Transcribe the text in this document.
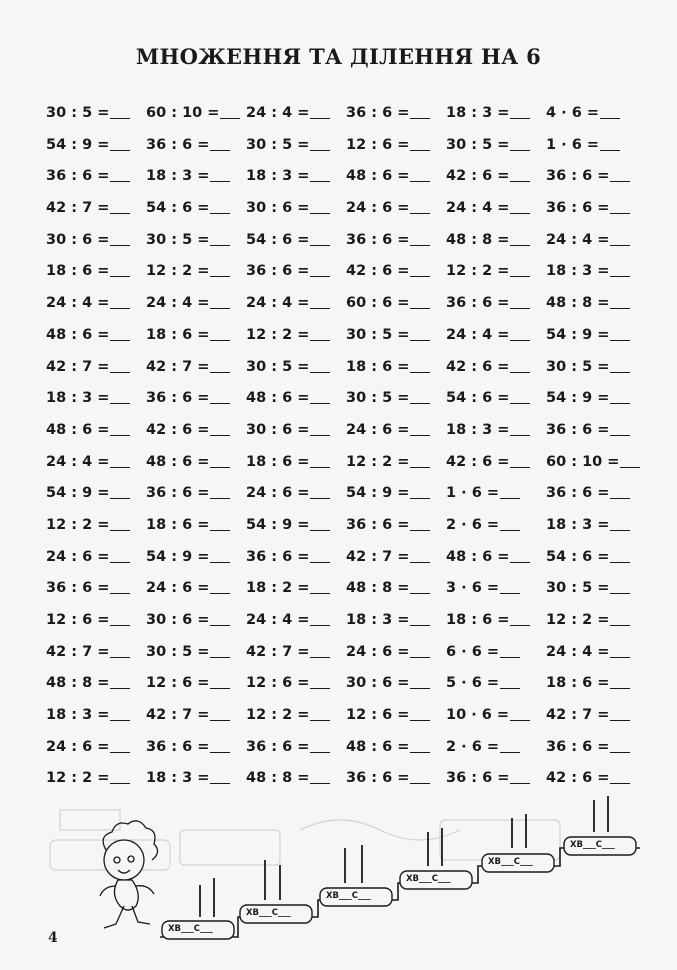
МНОЖЕННЯ ТА ДІЛЕННЯ НА 6
30 : 5 =	60 : 10 =	24 : 4 =	36 : 6 =	18 : 3 =	4 · 6 =
54 : 9 =	36 : 6 =	30 : 5 =	12 : 6 =	30 : 5 =	1 · 6 =
36 : 6 =	18 : 3 =	18 : 3 =	48 : 6 =	42 : 6 =	36 : 6 =
42 : 7 =	54 : 6 =	30 : 6 =	24 : 6 =	24 : 4 =	36 : 6 =
30 : 6 =	30 : 5 =	54 : 6 =	36 : 6 =	48 : 8 =	24 : 4 =
18 : 6 =	12 : 2 =	36 : 6 =	42 : 6 =	12 : 2 =	18 : 3 =
24 : 4 =	24 : 4 =	24 : 4 =	60 : 6 =	36 : 6 =	48 : 8 =
48 : 6 =	18 : 6 =	12 : 2 =	30 : 5 =	24 : 4 =	54 : 9 =
42 : 7 =	42 : 7 =	30 : 5 =	18 : 6 =	42 : 6 =	30 : 5 =
18 : 3 =	36 : 6 =	48 : 6 =	30 : 5 =	54 : 6 =	54 : 9 =
48 : 6 =	42 : 6 =	30 : 6 =	24 : 6 =	18 : 3 =	36 : 6 =
24 : 4 =	48 : 6 =	18 : 6 =	12 : 2 =	42 : 6 =	60 : 10 =
54 : 9 =	36 : 6 =	24 : 6 =	54 : 9 =	1 · 6 =	36 : 6 =
12 : 2 =	18 : 6 =	54 : 9 =	36 : 6 =	2 · 6 =	18 : 3 =
24 : 6 =	54 : 9 =	36 : 6 =	42 : 7 =	48 : 6 =	54 : 6 =
36 : 6 =	24 : 6 =	18 : 2 =	48 : 8 =	3 · 6 =	30 : 5 =
12 : 6 =	30 : 6 =	24 : 4 =	18 : 3 =	18 : 6 =	12 : 2 =
42 : 7 =	30 : 5 =	42 : 7 =	24 : 6 =	6 · 6 =	24 : 4 =
48 : 8 =	12 : 6 =	12 : 6 =	30 : 6 =	5 · 6 =	18 : 6 =
18 : 3 =	42 : 7 =	12 : 2 =	12 : 6 =	10 · 6 =	42 : 7 =
24 : 6 =	36 : 6 =	36 : 6 =	48 : 6 =	2 · 6 =	36 : 6 =
12 : 2 =	18 : 3 =	48 : 8 =	36 : 6 =	36 : 6 =	42 : 6 =
ХВ___С___
ХВ___С___
ХВ___С___
ХВ___С___
ХВ___С___
ХВ___С___
4
